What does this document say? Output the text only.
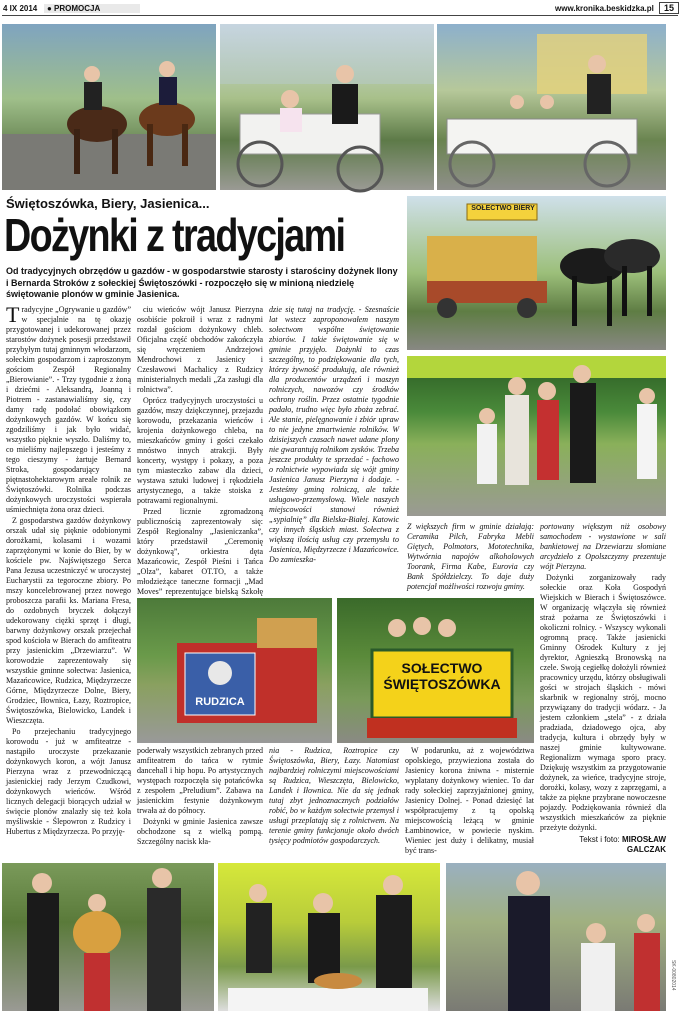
4 IX 2014	● PROMOCJA	www.kronika.beskidzka.pl	15
Świętoszówka, Biery, Jasienica...
Dożynki z tradycjami
Od tradycyjnych obrzędów u gazdów - w gospodarstwie starosty i starościny dożynek Ilony i Bernarda Stroków z sołeckiej Świętoszówki - rozpoczęło się w minioną niedzielę świętowanie plonów w gminie Jasienica.
SOŁECTWO BIERY

Tradycyjne „Ogrywanie u gazdów” w specjalnie na tę okazję przygotowanej i udekorowanej przez starostów dożynek posesji przedstawił przybyłym tutaj gminnym włodarzom, sołeckim gospodarzom i zaproszonym gościom Zespół Regionalny „Bierowianie”. - Trzy tygodnie z żoną i dziećmi - Aleksandrą, Joanną i Piotrem - zastanawialiśmy się, czy damy radę podołać obowiązkom dożynkowych gazdów. W końcu się zgodziliśmy i jak było widać, wszystko pięknie wyszło. Daliśmy to, co mieliśmy najlepszego i jesteśmy z tego cieszymy - żartuje Bernard Stroka, gospodarujący na piętnastohektarowym areale rolnik ze Świętoszówki. Rolnika podczas dożynkowych uroczystości wspierała uśmiechnięta żona oraz dzieci.

Z gospodarstwa gazdów dożynkowy orszak udał się pięknie odobionymi dorożkami, kolasami i wozami zaprzężonymi w konie do Bier, by w kościele pw. Najświętszego Serca Pana Jezusa uczestniczyć w uroczystej Eucharystii za tegoroczne zbiory. Po mszy koncelebrowanej przez nowego proboszcza parafii ks. Mariana Fresa, do ozdobnych bryczek dołączył udekorowany ciężki sprzęt i długi, barwny dożynkowy orszak przejechał spod kościoła w Bierach do amfiteatru przy jasienickim „Drzewiarzu”. W korowodzie zaprezentowały się wszystkie gminne sołectwa: Jasienica, Mazańcowice, Rudzica, Międzyrzecze Górne, Międzyrzecze Dolne, Biery, Grodziec, Iłownica, Łazy, Roztropice, Świętoszówka, Bielowicko, Landek i Wieszczęta.

Po przejechaniu tradycyjnego korowodu - już w amfiteatrze - nastąpiło uroczyste przekazanie dożynkowych koron, a wójt Janusz Pierzyna wraz z przewodniczącą jasienickiej rady Jerzym Czudkowi, dożynkowych wieńców. Wśród licznych delegacji biorących udział w święcie plonów znalazły się też koła myśliwskie - Ślepowron z Rudzicy i Hubertus z Międzyrzecza. Po przyję-

ciu wieńców wójt Janusz Pierzyna osobiście pokroił i wraz z radnymi rozdał gościom dożynkowy chleb. Oficjalna część obchodów zakończyła się wręczeniem Andrzejowi Mendrochowi z Jasienicy i Czesławowi Machalicy z Rudzicy ministerialnych medali „Za zasługi dla rolnictwa”.

Oprócz tradycyjnych uroczystości u gazdów, mszy dziękczynnej, przejazdu korowodu, przekazania wieńców i krojenia dożynkowego chleba, na mieszkańców gminy i gości czekało mnóstwo innych atrakcji. Były koncerty, występy i pokazy, a poza tym miasteczko zabaw dla dzieci, wystawa sztuki ludowej i rękodzieła artystycznego, a także stoiska z potrawami regionalnymi.

Przed licznie zgromadzoną publicznością zaprezentowały się: Zespół Regionalny „Jasieniczanka”, który przedstawił „Ceremonię dożynkową”, orkiestra dęta Mazańcowic, Zespół Pieśni i Tańca „Olza”, kabaret OT.TO, a także młodzieżące taneczne formacji „Mad Moves” reprezentujące bielską Szkołę

dzie się tutaj na tradycję. - Szesnaście lat wstecz zaproponowałem naszym sołectwom wspólne świętowanie zbiorów. I takie świętowanie się w gminie przyjęło. Dożynki to czas szczególny, to podziękowanie dla tych, którzy żywność produkują, ale również dla producentów urządzeń i maszyn rolniczych, nawozów czy środków ochrony roślin. Przez ostatnie tygodnie padało, trudno więc było zboża zebrać. Ale stanie, pielęgnowanie i zbiór upraw to nie jedyne zmartwienie rolników. W dzisiejszych czasach nawet udane plony nie gwarantują rolnikom zysków. Trzeba jeszcze produkty te sprzedać - fachowo o rolnictwie wypowiada się wójt gminy Jasienica Janusz Pierzyna i dodaje. - Jesteśmy gminą rolniczą, ale także usługowo-przemysłową. Wiele naszych miejscowości stanowi również „sypialnię” dla Bielska-Białej. Katowic czy innych śląskich miast. Sołectwa z większą ilością usług czy przemysłu to Jasienica, Międzyrzecze i Mazańcowice. Do zamieszka-

Z większych firm w gminie działają: Ceramika Pilch, Fabryka Mebli Giętych, Polmotors, Mototechnika, Wytwórnia napojów alkoholowych Toorank, Firma Kabe, Eurovia czy Bank Spółdzielczy. To daje duży potencjał możliwości rozwoju gminy.

portowany większym niż osobowy samochodem - wystawione w sali bankietowej na Drzewiarzu słomiane arcydzieło z Opolszczyzny prezentuje wójt Pierzyna.

Dożynki zorganizowały rady sołeckie oraz Koła Gospodyń Wiejskich w Bierach i Świętoszówce. W organizację włączyła się również straż pożarna ze Świętoszówki i okoliczni rolnicy. - Wszyscy wykonali ogromną pracę. Także jasienicki Gminny Ośrodek Kultury z jej dyrektor, Agnieszką Bronowską na czele. Swoją cegiełkę dołożyli również pracownicy urzędu, którzy obsługiwali gości w strojach śląskich - mówi skarbnik w regionalny strój, mocno przywiązany do tradycji wódarz. - Ja jestem członkiem „stela” - z działa pradziada, dziadowego ojca, aby tradycja, kultura i obrzędy były w naszej gminie kultywowane. Regionalizm wymaga sporo pracy. Dziękuję wszystkim za przygotowanie dożynek, za wieńce, tradycyjne stroje, dorożki, kolasy, wozy z zaprzęgami, a także za piękne przybrane nowoczesne pojazdy. Podziękowania równieź dla wszystkich mieszkańców za pięknie przeżyte dożynki.

Tekst i foto: MIROSŁAW GALCZAK
RUDZICA
SOŁECTWO
ŚWIĘTOSZÓWKA

poderwały wszystkich zebranych przed amfiteatrem do tańca w rytmie dancehall i hip hopu. Po artystycznych występach rozpoczęła się potańcówka z zespołem „Preludium”. Zabawa na jasienickim festynie dożynkowym trwała aż do północy.

Dożynki w gminie Jasienica zawsze obchodzone są z wielką pompą. Szczególny nacisk kła-

nia - Rudzica, Roztropice czy Świętoszówka, Biery, Łazy. Natomiast najbardziej rolniczymi miejscowościami są Rudzica, Wieszczęta, Bielowicko, Landek i Iłownica. Nie da się jednak tutaj zbyt jednoznacznych podziałów robić, bo w każdym sołectwie przemysł i usługi przeplatają się z rolnictwem. Na terenie gminy funkcjonuje około dwóch tysięcy podmiotów gospodarczych.

W podarunku, aż z województwa opolskiego, przywieziona została do Jasienicy korona żniwna - misternie wyplatany dożynkowy wieniec. To dar rady sołeckiej zaprzyjaźnionej gminy, Jasienicy Dolnej. - Ponad dziesięć lat współpracujemy z tą opolską miejscowością leżącą w gminie Łambinowice, w powiecie nyskim. Wieniec jest duży i delikatny, musiał być trans-

SK-00802014
